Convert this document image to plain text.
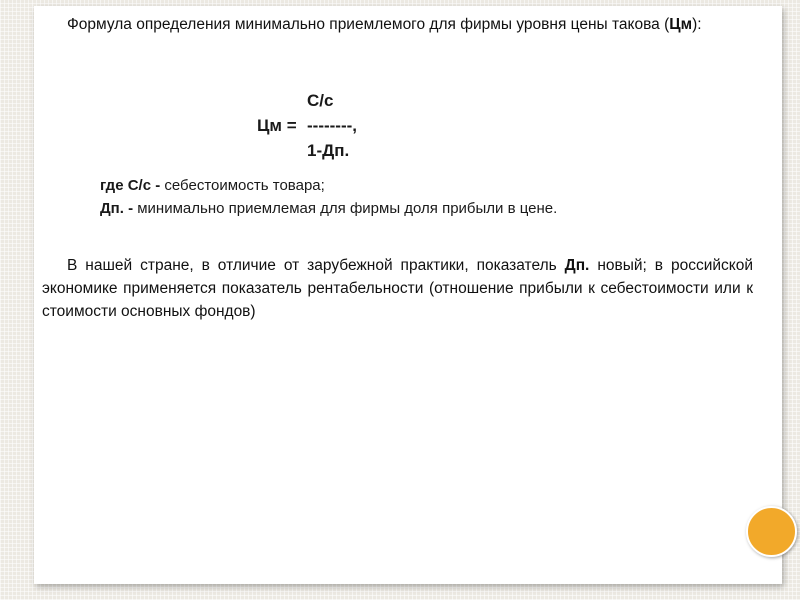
Формула определения минимально приемлемого для фирмы уровня цены такова (Цм):

С/с
Цм = --------,
1-Дп.
где С/с - себестоимость товара;
Дп. - минимально приемлемая для фирмы доля прибыли в цене.

В нашей стране, в отличие от зарубежной практики, показатель Дп. новый; в российской экономике применяется показатель рентабельности (отношение прибыли к себестоимости или к стоимости основных фондов)
